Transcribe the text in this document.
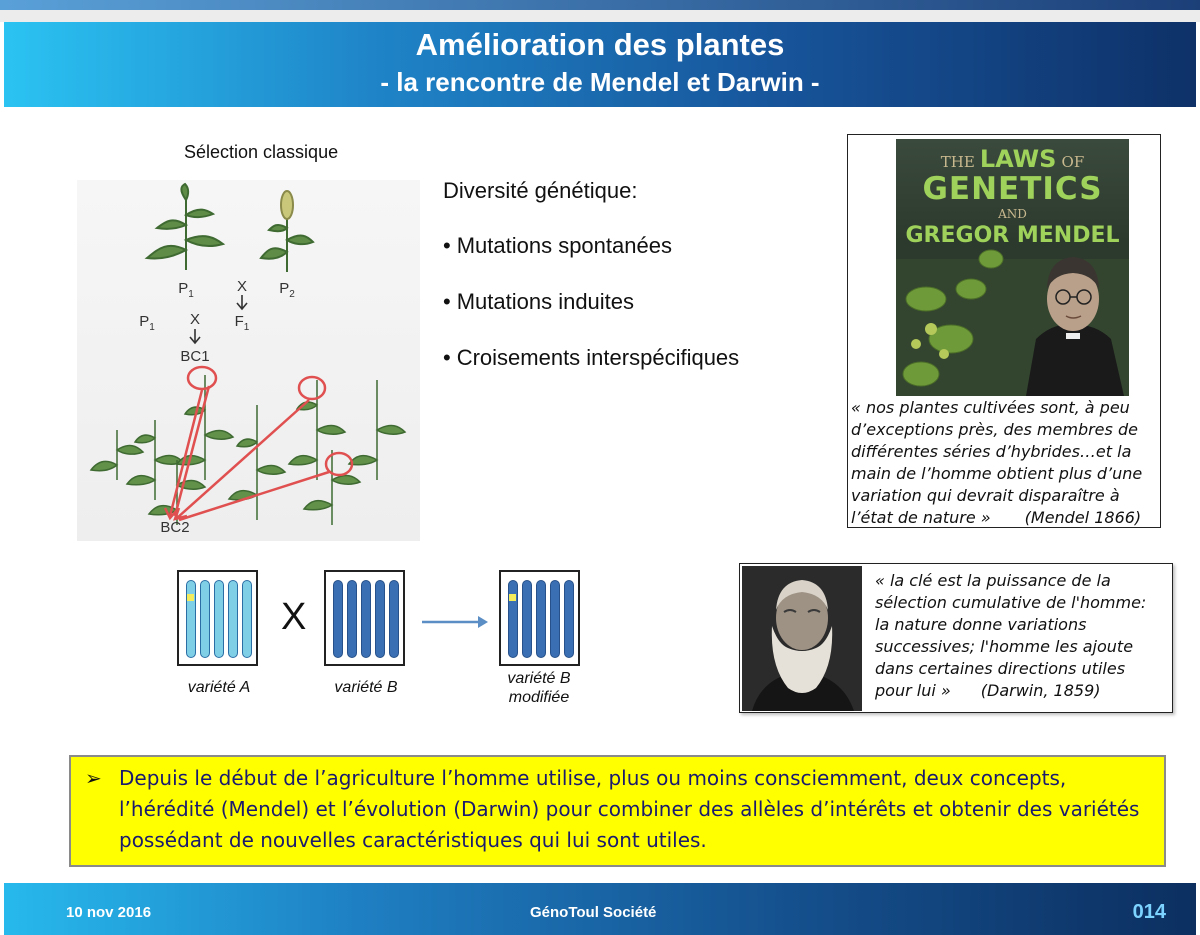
Amélioration des plantes
- la rencontre de Mendel et Darwin -
Sélection classique
$P_1$	X $P_2$
$P_1$ X $F_1$
BC1
BC2
Diversité génétique:
• Mutations spontanées
• Mutations induites
• Croisements interspécifiques
THE LAWS OF
GENETICS
AND
GREGOR MENDEL
« nos plantes cultivées sont, à peu
d’exceptions près, des membres de
différentes séries d’hybrides…et la
main de l’homme obtient plus d’une
variation qui devrait disparaître à
l’état de nature » (Mendel 1866)
X
variété A	variété B
variété B
modifiée
« la clé est la puissance de la
sélection cumulative de l'homme:
la nature donne variations
successives; l'homme les ajoute
dans certaines directions utiles
pour lui » (Darwin, 1859)
➢ Depuis le début de l’agriculture l’homme utilise, plus ou moins consciemment, deux concepts, l’hérédité (Mendel) et l’évolution (Darwin) pour combiner des allèles d’intérêts et obtenir des variétés possédant de nouvelles caractéristiques qui lui sont utiles.
10 nov 2016	GénoToul Société	014
